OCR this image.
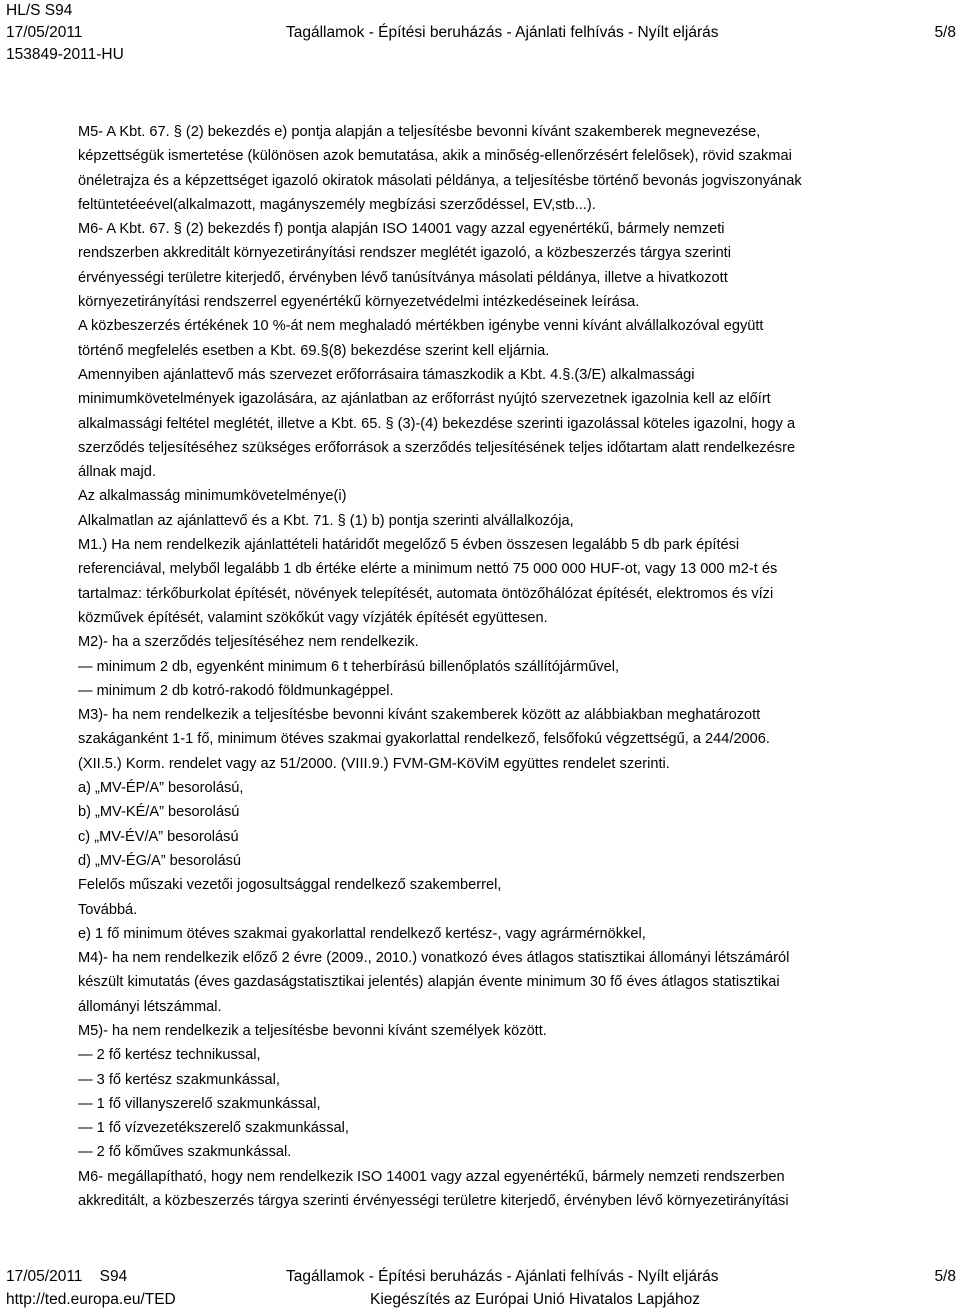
HL/S S94
17/05/2011
153849-2011-HU
Tagállamok - Építési beruházás - Ajánlati felhívás - Nyílt eljárás	5/8
M5- A Kbt. 67. § (2) bekezdés e) pontja alapján a teljesítésbe bevonni kívánt szakemberek megnevezése,
képzettségük ismertetése (különösen azok bemutatása, akik a minőség-ellenőrzésért felelősek), rövid szakmai
önéletrajza és a képzettséget igazoló okiratok másolati példánya, a teljesítésbe történő bevonás jogviszonyának
feltüntetéeével(alkalmazott, magányszemély megbízási szerződéssel, EV,stb...).
M6- A Kbt. 67. § (2) bekezdés f) pontja alapján ISO 14001 vagy azzal egyenértékű, bármely nemzeti
rendszerben akkreditált környezetirányítási rendszer meglétét igazoló, a közbeszerzés tárgya szerinti
érvényességi területre kiterjedő, érvényben lévő tanúsítványa másolati példánya, illetve a hivatkozott
környezetirányítási rendszerrel egyenértékű környezetvédelmi intézkedéseinek leírása.
A közbeszerzés értékének 10 %-át nem meghaladó mértékben igénybe venni kívánt alvállalkozóval együtt
történő megfelelés esetben a Kbt. 69.§(8) bekezdése szerint kell eljárnia.
Amennyiben ajánlattevő más szervezet erőforrásaira támaszkodik a Kbt. 4.§.(3/E) alkalmassági
minimumkövetelmények igazolására, az ajánlatban az erőforrást nyújtó szervezetnek igazolnia kell az előírt
alkalmassági feltétel meglétét, illetve a Kbt. 65. § (3)-(4) bekezdése szerinti igazolással köteles igazolni, hogy a
szerződés teljesítéséhez szükséges erőforrások a szerződés teljesítésének teljes időtartam alatt rendelkezésre
állnak majd.
Az alkalmasság minimumkövetelménye(i)
Alkalmatlan az ajánlattevő és a Kbt. 71. § (1) b) pontja szerinti alvállalkozója,
M1.) Ha nem rendelkezik ajánlattételi határidőt megelőző 5 évben összesen legalább 5 db park építési
referenciával, melyből legalább 1 db értéke elérte a minimum nettó 75 000 000 HUF-ot, vagy 13 000 m2-t és
tartalmaz: térkőburkolat építését, növények telepítését, automata öntözőhálózat építését, elektromos és vízi
közművek építését, valamint szökőkút vagy vízjáték építését együttesen.
M2)- ha a szerződés teljesítéséhez nem rendelkezik.
— minimum 2 db, egyenként minimum 6 t teherbírású billenőplatós szállítójárművel,
— minimum 2 db kotró-rakodó földmunkagéppel.
M3)- ha nem rendelkezik a teljesítésbe bevonni kívánt szakemberek között az alábbiakban meghatározott
szakáganként 1-1 fő, minimum ötéves szakmai gyakorlattal rendelkező, felsőfokú végzettségű, a 244/2006.
(XII.5.) Korm. rendelet vagy az 51/2000. (VIII.9.) FVM-GM-KöViM együttes rendelet szerinti.
a) „MV-ÉP/A” besorolású,
b) „MV-KÉ/A” besorolású
c) „MV-ÉV/A” besorolású
d) „MV-ÉG/A” besorolású
Felelős műszaki vezetői jogosultsággal rendelkező szakemberrel,
Továbbá.
e) 1 fő minimum ötéves szakmai gyakorlattal rendelkező kertész-, vagy agrármérnökkel,
M4)- ha nem rendelkezik előző 2 évre (2009., 2010.) vonatkozó éves átlagos statisztikai állományi létszámáról
készült kimutatás (éves gazdaságstatisztikai jelentés) alapján évente minimum 30 fő éves átlagos statisztikai
állományi létszámmal.
M5)- ha nem rendelkezik a teljesítésbe bevonni kívánt személyek között.
— 2 fő kertész technikussal,
— 3 fő kertész szakmunkással,
— 1 fő villanyszerelő szakmunkással,
— 1 fő vízvezetékszerelő szakmunkással,
— 2 fő kőműves szakmunkással.
M6- megállapítható, hogy nem rendelkezik ISO 14001 vagy azzal egyenértékű, bármely nemzeti rendszerben
akkreditált, a közbeszerzés tárgya szerinti érvényességi területre kiterjedő, érvényben lévő környezetirányítási
17/05/2011 S94
http://ted.europa.eu/TED
Tagállamok - Építési beruházás - Ajánlati felhívás - Nyílt eljárás
Kiegészítés az Európai Unió Hivatalos Lapjához
5/8
